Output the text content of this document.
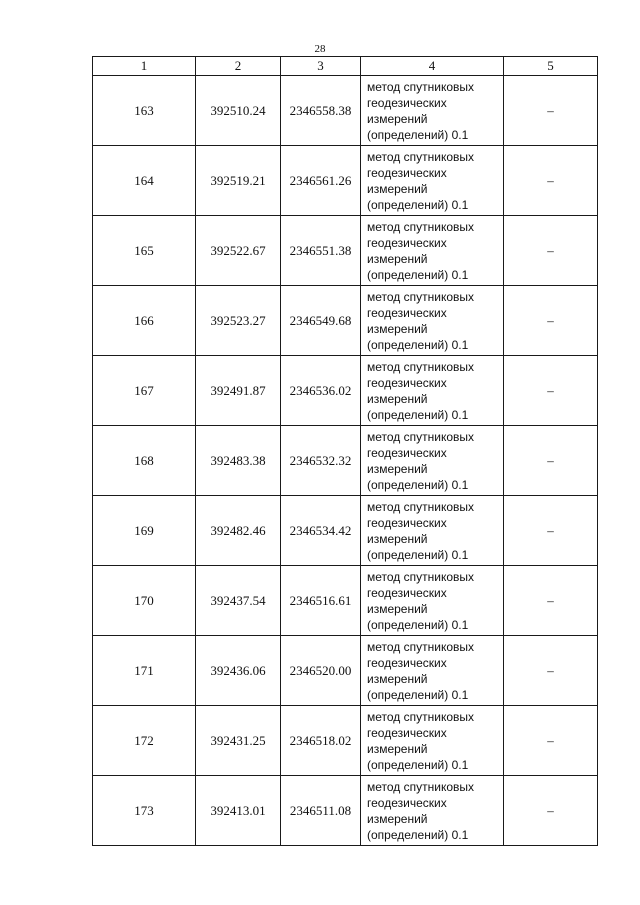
28
1	2	3	4	5
163	392510.24	2346558.38	метод спутниковых
геодезических
измерений
(определений) 0.1	–
164	392519.21	2346561.26	метод спутниковых
геодезических
измерений
(определений) 0.1	–
165	392522.67	2346551.38	метод спутниковых
геодезических
измерений
(определений) 0.1	–
166	392523.27	2346549.68	метод спутниковых
геодезических
измерений
(определений) 0.1	–
167	392491.87	2346536.02	метод спутниковых
геодезических
измерений
(определений) 0.1	–
168	392483.38	2346532.32	метод спутниковых
геодезических
измерений
(определений) 0.1	–
169	392482.46	2346534.42	метод спутниковых
геодезических
измерений
(определений) 0.1	–
170	392437.54	2346516.61	метод спутниковых
геодезических
измерений
(определений) 0.1	–
171	392436.06	2346520.00	метод спутниковых
геодезических
измерений
(определений) 0.1	–
172	392431.25	2346518.02	метод спутниковых
геодезических
измерений
(определений) 0.1	–
173	392413.01	2346511.08	метод спутниковых
геодезических
измерений
(определений) 0.1	–
